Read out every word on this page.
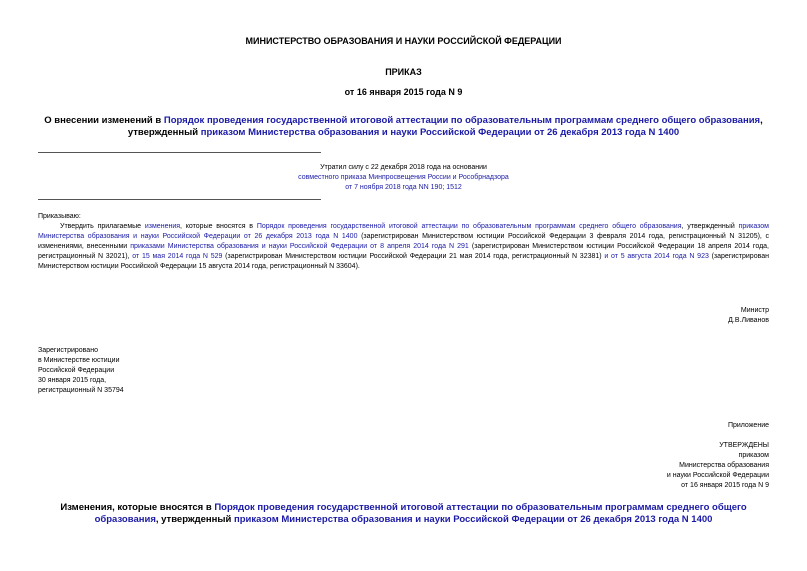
МИНИСТЕРСТВО ОБРАЗОВАНИЯ И НАУКИ РОССИЙСКОЙ ФЕДЕРАЦИИ
ПРИКАЗ
от 16 января 2015 года N 9
О внесении изменений в Порядок проведения государственной итоговой аттестации по образовательным программам среднего общего образования, утвержденный приказом Министерства образования и науки Российской Федерации от 26 декабря 2013 года N 1400
Утратил силу с 22 декабря 2018 года на основании
совместного приказа Минпросвещения России и Рособрнадзора
от 7 ноября 2018 года NN 190; 1512
Приказываю:
Утвердить прилагаемые изменения, которые вносятся в Порядок проведения государственной итоговой аттестации по образовательным программам среднего общего образования, утвержденный приказом Министерства образования и науки Российской Федерации от 26 декабря 2013 года N 1400 (зарегистрирован Министерством юстиции Российской Федерации 3 февраля 2014 года, регистрационный N 31205), с изменениями, внесенными приказами Министерства образования и науки Российской Федерации от 8 апреля 2014 года N 291 (зарегистрирован Министерством юстиции Российской Федерации 18 апреля 2014 года, регистрационный N 32021), от 15 мая 2014 года N 529 (зарегистрирован Министерством юстиции Российской Федерации 21 мая 2014 года, регистрационный N 32381) и от 5 августа 2014 года N 923 (зарегистрирован Министерством юстиции Российской Федерации 15 августа 2014 года, регистрационный N 33604).
Министр
Д.В.Ливанов
Зарегистрировано
в Министерстве юстиции
Российской Федерации
30 января 2015 года,
регистрационный N 35794
Приложение
УТВЕРЖДЕНЫ
приказом
Министерства образования
и науки Российской Федерации
от 16 января 2015 года N 9
Изменения, которые вносятся в Порядок проведения государственной итоговой аттестации по образовательным программам среднего общего образования, утвержденный приказом Министерства образования и науки Российской Федерации от 26 декабря 2013 года N 1400
